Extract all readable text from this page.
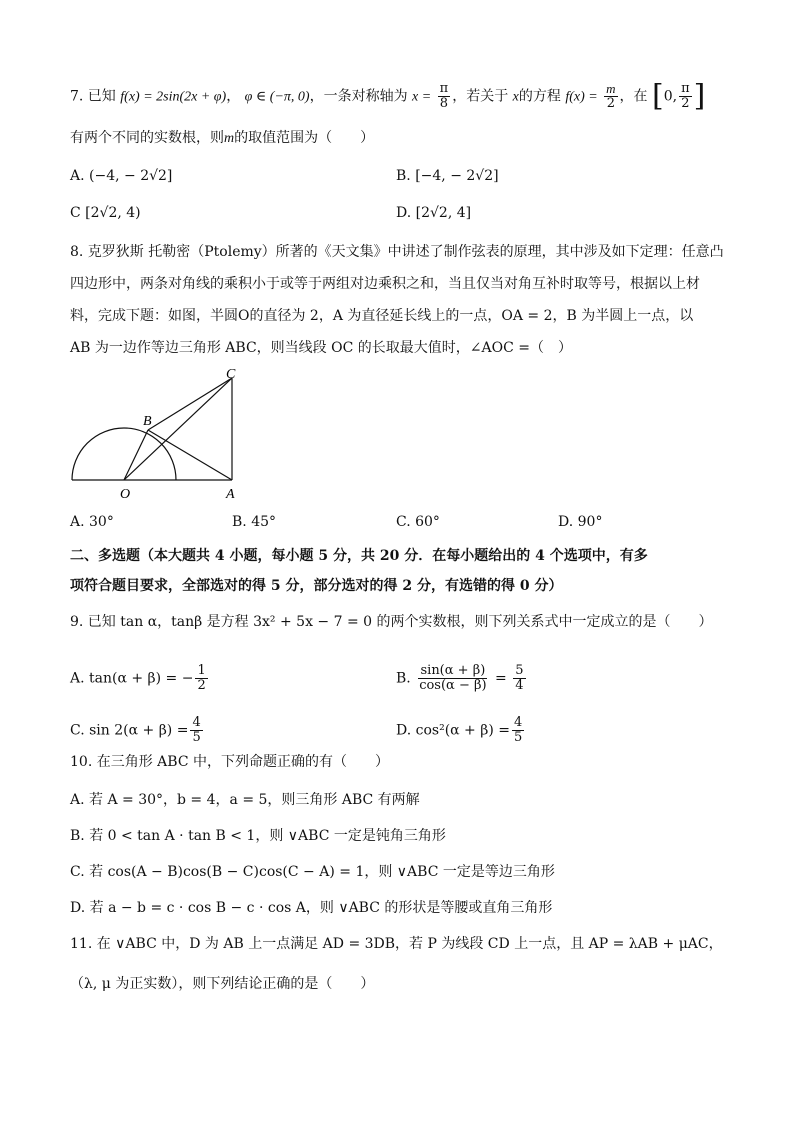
7. 已知 f(x) = 2sin(2x + φ)， φ ∈ (−π, 0)，一条对称轴为 $x = \frac{\pi}{8}$ ，若关于 x的方程 $f(x) = \frac{m}{2}$ ，在 [0, $\frac{\pi}{2}$ ]
有两个不同的实数根，则m的取值范围为（　　）
A. (−4, − 2√2]	B. [−4, − 2√2]
C [2√2, 4)	D. [2√2, 4]
8. 克罗狄斯 托勒密（Ptolemy）所著的《天文集》中讲述了制作弦表的原理，其中涉及如下定理：任意凸
四边形中，两条对角线的乘积小于或等于两组对边乘积之和，当且仅当对角互补时取等号，根据以上材
料，完成下题：如图，半圆O的直径为 2，A 为直径延长线上的一点，OA = 2，B 为半圆上一点，以
AB 为一边作等边三角形 ABC，则当线段 OC 的长取最大值时，∠AOC =（　）
C
B
O	A
A. 30°	B. 45°	C. 60°	D. 90°
二、多选题（本大题共 4 小题，每小题 5 分，共 20 分．在每小题给出的 4 个选项中，有多
项符合题目要求，全部选对的得 5 分，部分选对的得 2 分，有选错的得 0 分）
9. 已知 tan α，tanβ 是方程 3x² + 5x − 7 = 0 的两个实数根，则下列关系式中一定成立的是（　　）
A. tan(α + β) = − $\frac{1}{2}$	B. $\frac{\sin(\alpha + \beta)}{\cos(\alpha - \beta)} = \frac{5}{4}$
C. $\sin 2(\alpha + \beta) = \frac{4}{5}$	D. $\cos^2(\alpha + \beta) = \frac{4}{5}$
10. 在三角形 ABC 中，下列命题正确的有（　　）
A. 若 A = 30°，b = 4，a = 5，则三角形 ABC 有两解
B. 若 0 < tan A · tan B < 1，则 ∨ABC 一定是钝角三角形
C. 若 cos(A − B)cos(B − C)cos(C − A) = 1，则 ∨ABC 一定是等边三角形
D. 若 a − b = c · cos B − c · cos A，则 ∨ABC 的形状是等腰或直角三角形
11. 在 ∨ABC 中，D 为 AB 上一点满足 AD = 3DB，若 P 为线段 CD 上一点，且 AP = λAB + μAC，
（λ, μ 为正实数），则下列结论正确的是（　　）
